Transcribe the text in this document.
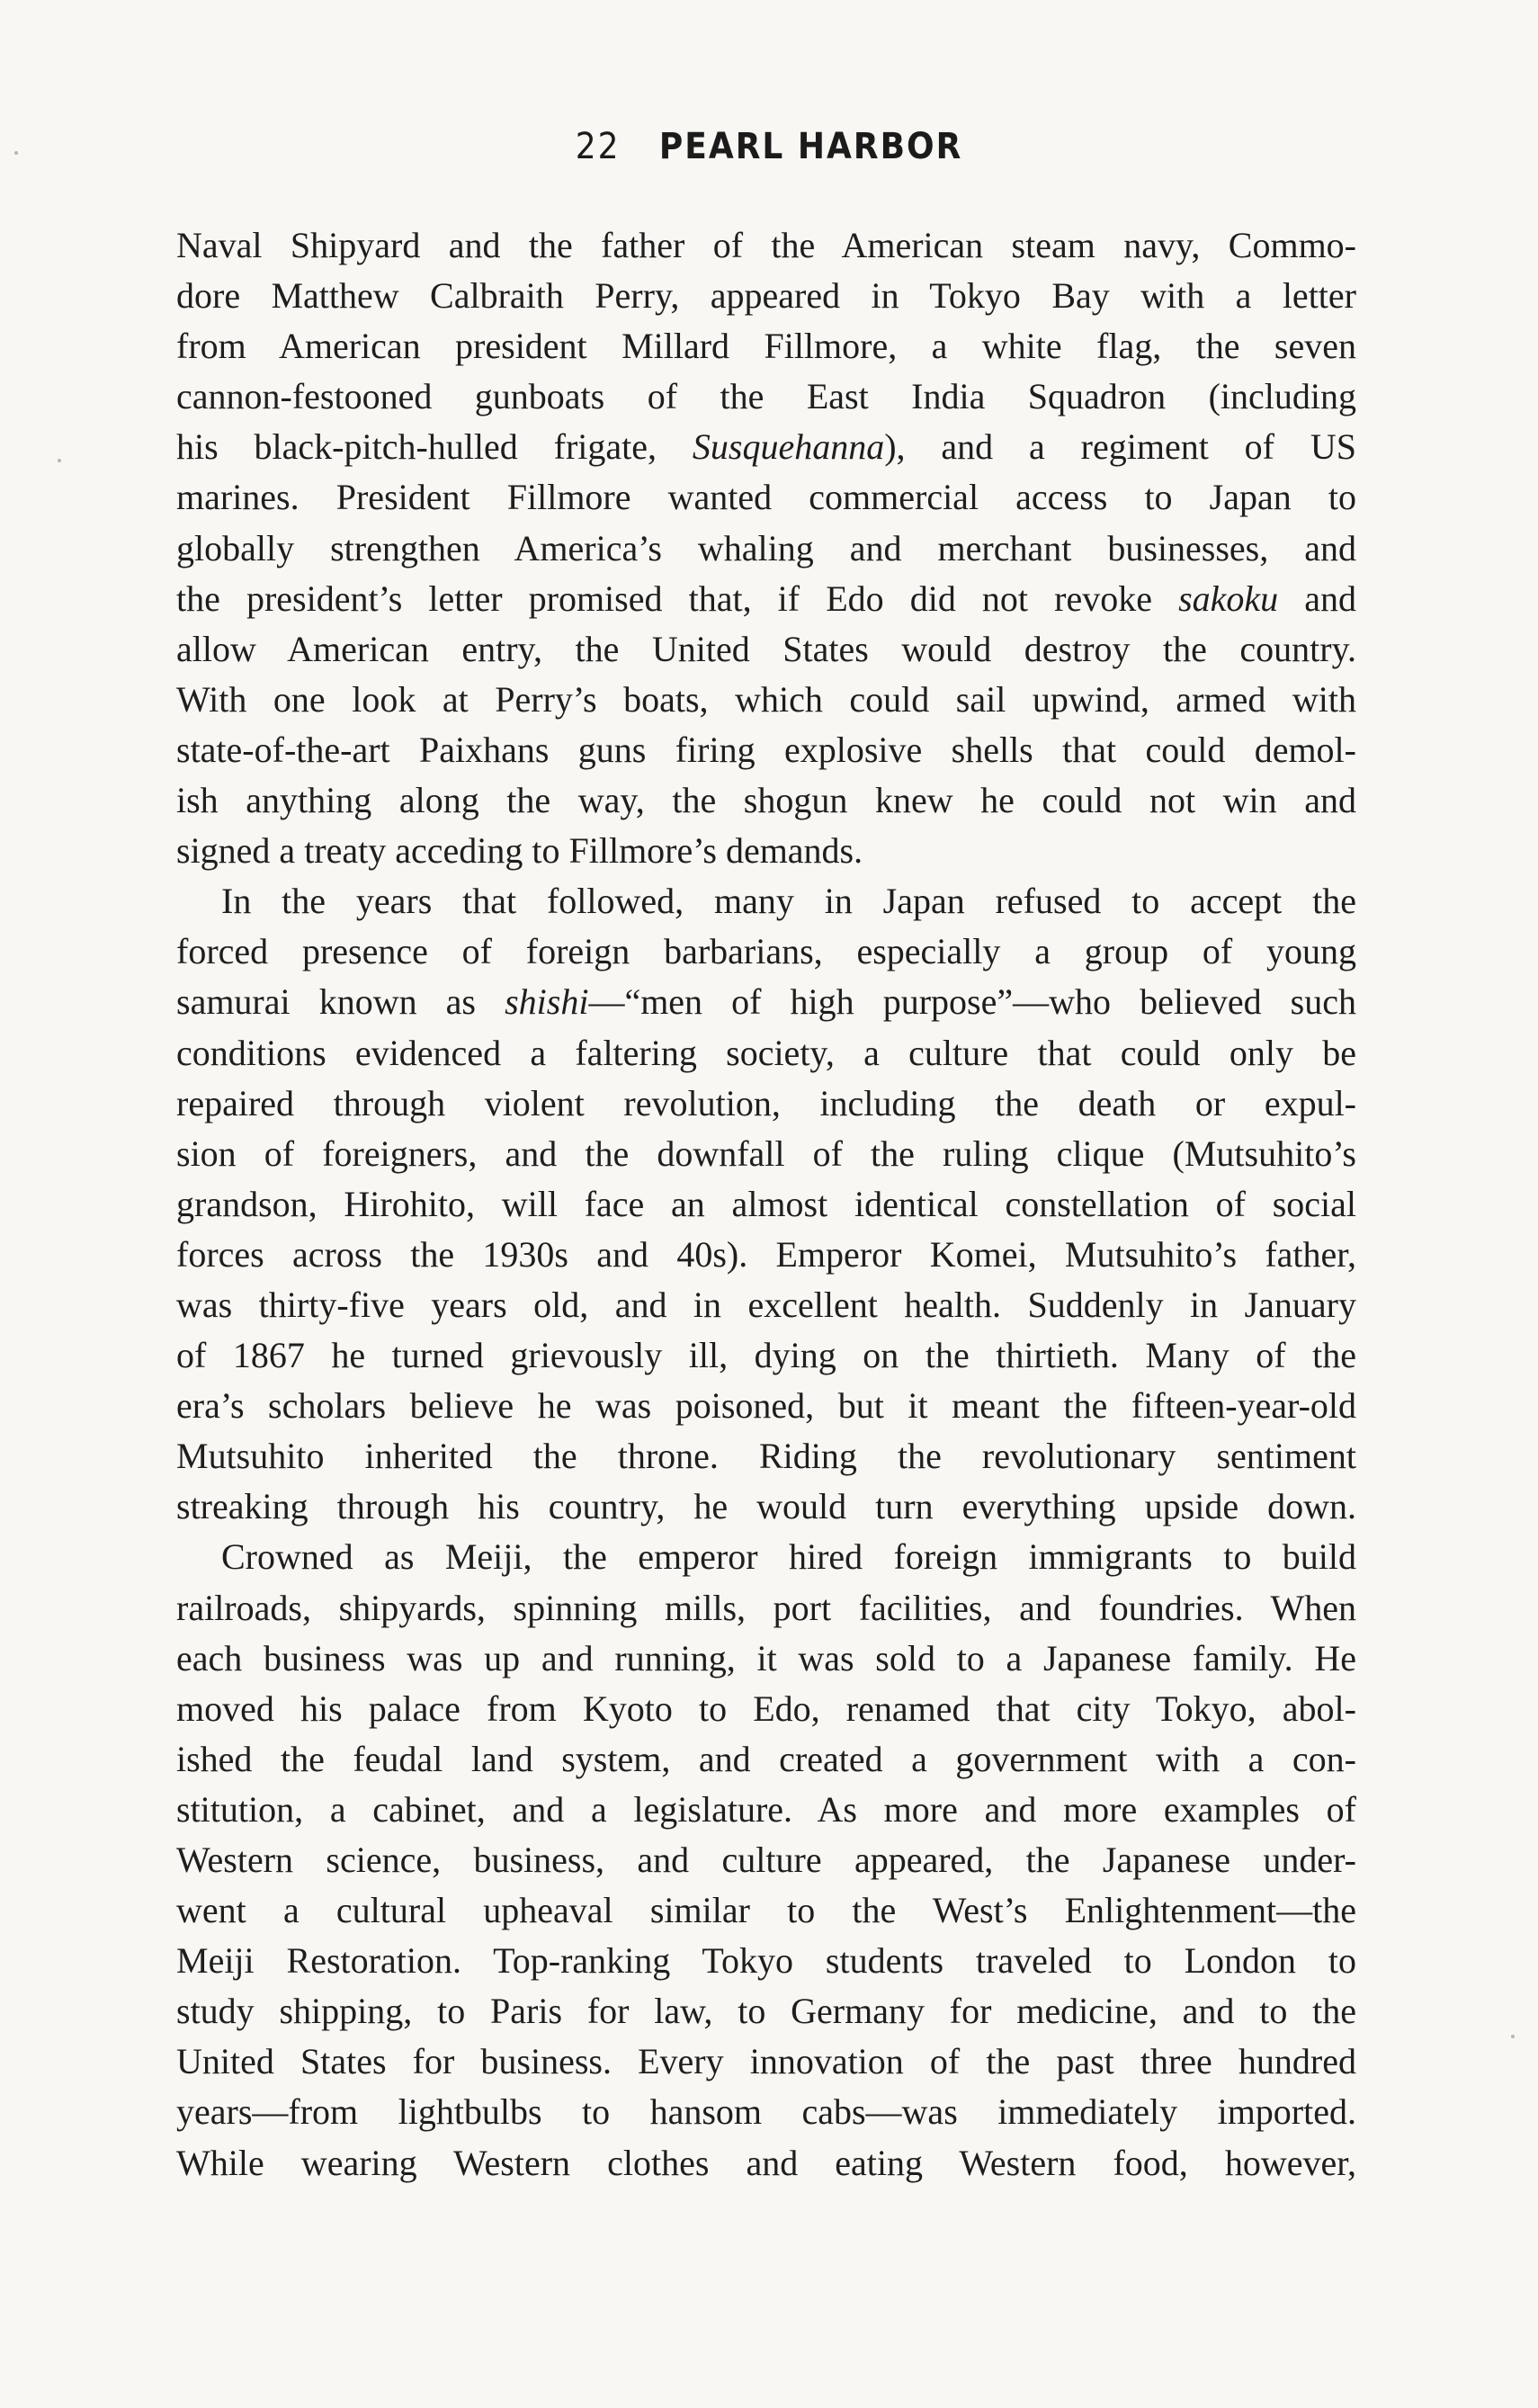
22 PEARL HARBOR
Naval Shipyard and the father of the American steam navy, Commo-
dore Matthew Calbraith Perry, appeared in Tokyo Bay with a letter
from American president Millard Fillmore, a white flag, the seven
cannon-festooned gunboats of the East India Squadron (including
his black-pitch-hulled frigate, Susquehanna), and a regiment of US
marines. President Fillmore wanted commercial access to Japan to
globally strengthen America’s whaling and merchant businesses, and
the president’s letter promised that, if Edo did not revoke sakoku and
allow American entry, the United States would destroy the country.
With one look at Perry’s boats, which could sail upwind, armed with
state-of-the-art Paixhans guns firing explosive shells that could demol-
ish anything along the way, the shogun knew he could not win and
signed a treaty acceding to Fillmore’s demands.
In the years that followed, many in Japan refused to accept the
forced presence of foreign barbarians, especially a group of young
samurai known as shishi—“men of high purpose”—who believed such
conditions evidenced a faltering society, a culture that could only be
repaired through violent revolution, including the death or expul-
sion of foreigners, and the downfall of the ruling clique (Mutsuhito’s
grandson, Hirohito, will face an almost identical constellation of social
forces across the 1930s and 40s). Emperor Komei, Mutsuhito’s father,
was thirty-five years old, and in excellent health. Suddenly in January
of 1867 he turned grievously ill, dying on the thirtieth. Many of the
era’s scholars believe he was poisoned, but it meant the fifteen-year-old
Mutsuhito inherited the throne. Riding the revolutionary sentiment
streaking through his country, he would turn everything upside down.
Crowned as Meiji, the emperor hired foreign immigrants to build
railroads, shipyards, spinning mills, port facilities, and foundries. When
each business was up and running, it was sold to a Japanese family. He
moved his palace from Kyoto to Edo, renamed that city Tokyo, abol-
ished the feudal land system, and created a government with a con-
stitution, a cabinet, and a legislature. As more and more examples of
Western science, business, and culture appeared, the Japanese under-
went a cultural upheaval similar to the West’s Enlightenment—the
Meiji Restoration. Top-ranking Tokyo students traveled to London to
study shipping, to Paris for law, to Germany for medicine, and to the
United States for business. Every innovation of the past three hundred
years—from lightbulbs to hansom cabs—was immediately imported.
While wearing Western clothes and eating Western food, however,
